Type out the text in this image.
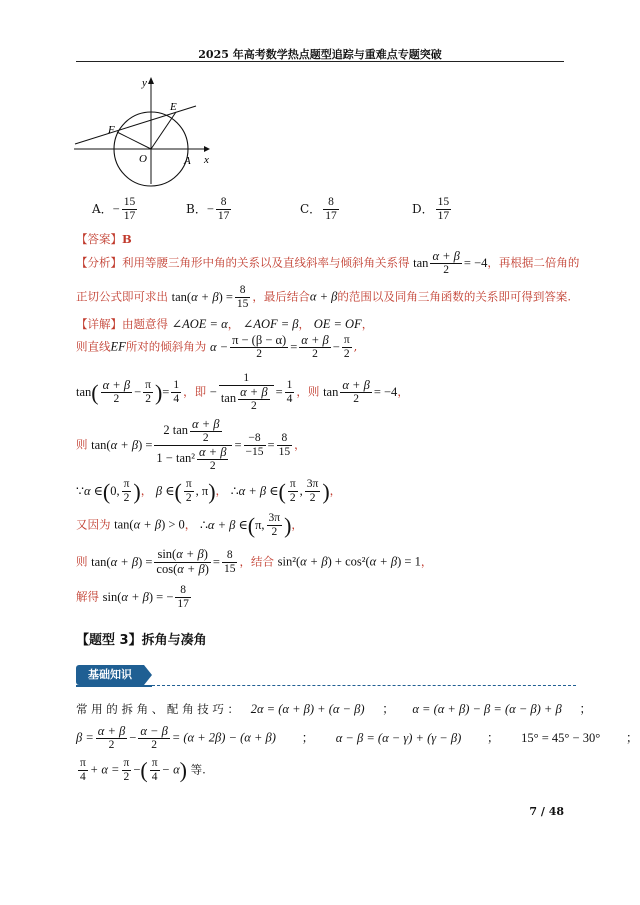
2025 年高考数学热点题型追踪与重难点专题突破
y
x
E
F
O	A
A．− $\frac{15}{17}$	B．− $\frac{8}{17}$	C． $\frac{8}{17}$	D． $\frac{15}{17}$
【答案】B
【分析】利用等腰三角形中角的关系以及直线斜率与倾斜角关系得 $\tan \frac{\alpha + \beta}{2} = -4$，再根据二倍角的
正切公式即可求出 $\tan(\alpha + \beta) = \frac{8}{15}$ ，最后结合α + β的范围以及同角三角函数的关系即可得到答案.
【详解】由题意得 ∠AOE = α， ∠AOF = β， OE = OF，
则直线EF所对的倾斜角为 $\alpha - \frac{\pi - (\beta - \alpha)}{2} = \frac{\alpha + \beta}{2} - \frac{\pi}{2}$ ,
$\tan( \frac{\alpha + \beta}{2} - \frac{\pi}{2}$ )= $\frac{1}{4}$ ，即 − $\frac{1}{\tan \frac{\alpha + \beta}{2}} = \frac{1}{4}$ ，则 $\tan \frac{\alpha + \beta}{2} = -4$，
则 $\tan(\alpha + \beta) = \frac{2 \tan \frac{\alpha + \beta}{2}}{1 - \tan^2 \frac{\alpha + \beta}{2}} = \frac{-8}{-15} = \frac{8}{15}$ ，
∵α ∈(0, $\frac{\pi}{2}$ )， β ∈( $\frac{\pi}{2}$ , π)， ∴α + β ∈( $\frac{\pi}{2}$ , $\frac{3\pi}{2}$ )，
又因为 tan(α + β) > 0， ∴α + β ∈(π, $\frac{3\pi}{2}$ )，
则 $\tan(\alpha + \beta) = \frac{\sin(\alpha + \beta)}{\cos(\alpha + \beta)} = \frac{8}{15}$ ，结合 sin²(α + β) + cos²(α + β) = 1，
解得 sin(α + β) = − $\frac{8}{17}$
【题型 3】拆角与凑角
基础知识
常 用 的 拆 角 、 配 角 技 巧 ： 2α = (α + β) + (α − β) ； α = (α + β) − β = (α − β) + β ；
$\beta = \frac{\alpha + \beta}{2} - \frac{\alpha - \beta}{2} = (\alpha + 2\beta) - (\alpha + \beta)$ ； α − β = (α − γ) + (γ − β) ； 15° = 45° − 30° ；
$\frac{\pi}{4} + \alpha = \frac{\pi}{2}$ −( $\frac{\pi}{4} - \alpha$) 等.
7 / 48
